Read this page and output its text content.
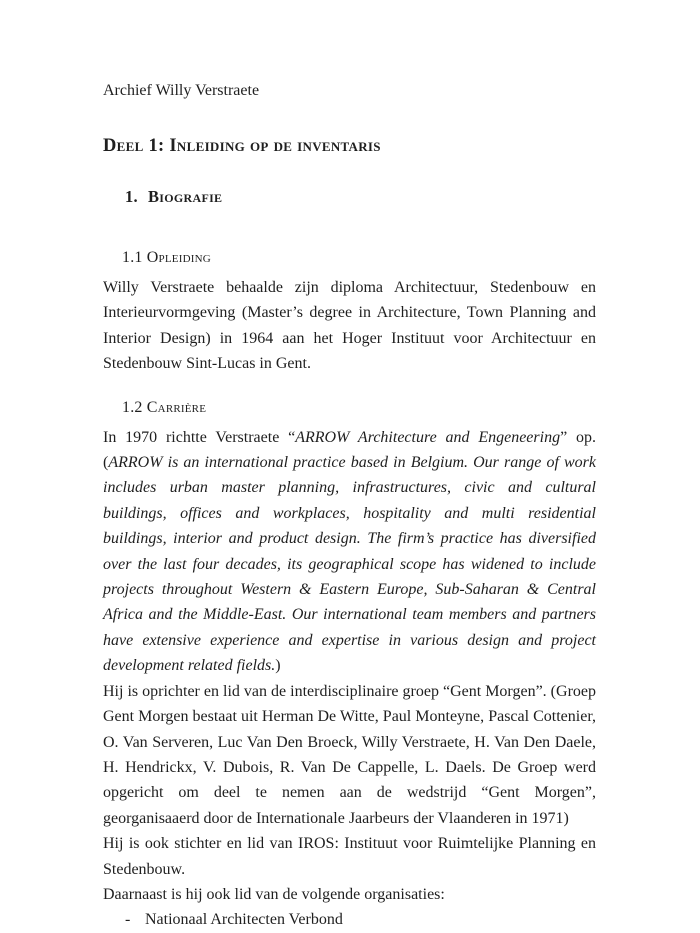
Archief Willy Verstraete

Deel 1: Inleiding op de inventaris
1. Biografie
1.1 Opleiding

Willy Verstraete behaalde zijn diploma Architectuur, Stedenbouw en Interieurvormgeving (Master’s degree in Architecture, Town Planning and Interior Design) in 1964 aan het Hoger Instituut voor Architectuur en Stedenbouw Sint-Lucas in Gent.

1.2 Carrière

In 1970 richtte Verstraete “ARROW Architecture and Engeneering” op. (ARROW is an international practice based in Belgium. Our range of work includes urban master planning, infrastructures, civic and cultural buildings, offices and workplaces, hospitality and multi residential buildings, interior and product design. The firm’s practice has diversified over the last four decades, its geographical scope has widened to include projects throughout Western & Eastern Europe, Sub-Saharan & Central Africa and the Middle-East. Our international team members and partners have extensive experience and expertise in various design and project development related fields.)

Hij is oprichter en lid van de interdisciplinaire groep “Gent Morgen”. (Groep Gent Morgen bestaat uit Herman De Witte, Paul Monteyne, Pascal Cottenier, O. Van Serveren, Luc Van Den Broeck, Willy Verstraete, H. Van Den Daele, H. Hendrickx, V. Dubois, R. Van De Cappelle, L. Daels. De Groep werd opgericht om deel te nemen aan de wedstrijd “Gent Morgen”, georganisaaerd door de Internationale Jaarbeurs der Vlaanderen in 1971)

Hij is ook stichter en lid van IROS: Instituut voor Ruimtelijke Planning en Stedenbouw.

Daarnaast is hij ook lid van de volgende organisaties:

- Nationaal Architecten Verbond
